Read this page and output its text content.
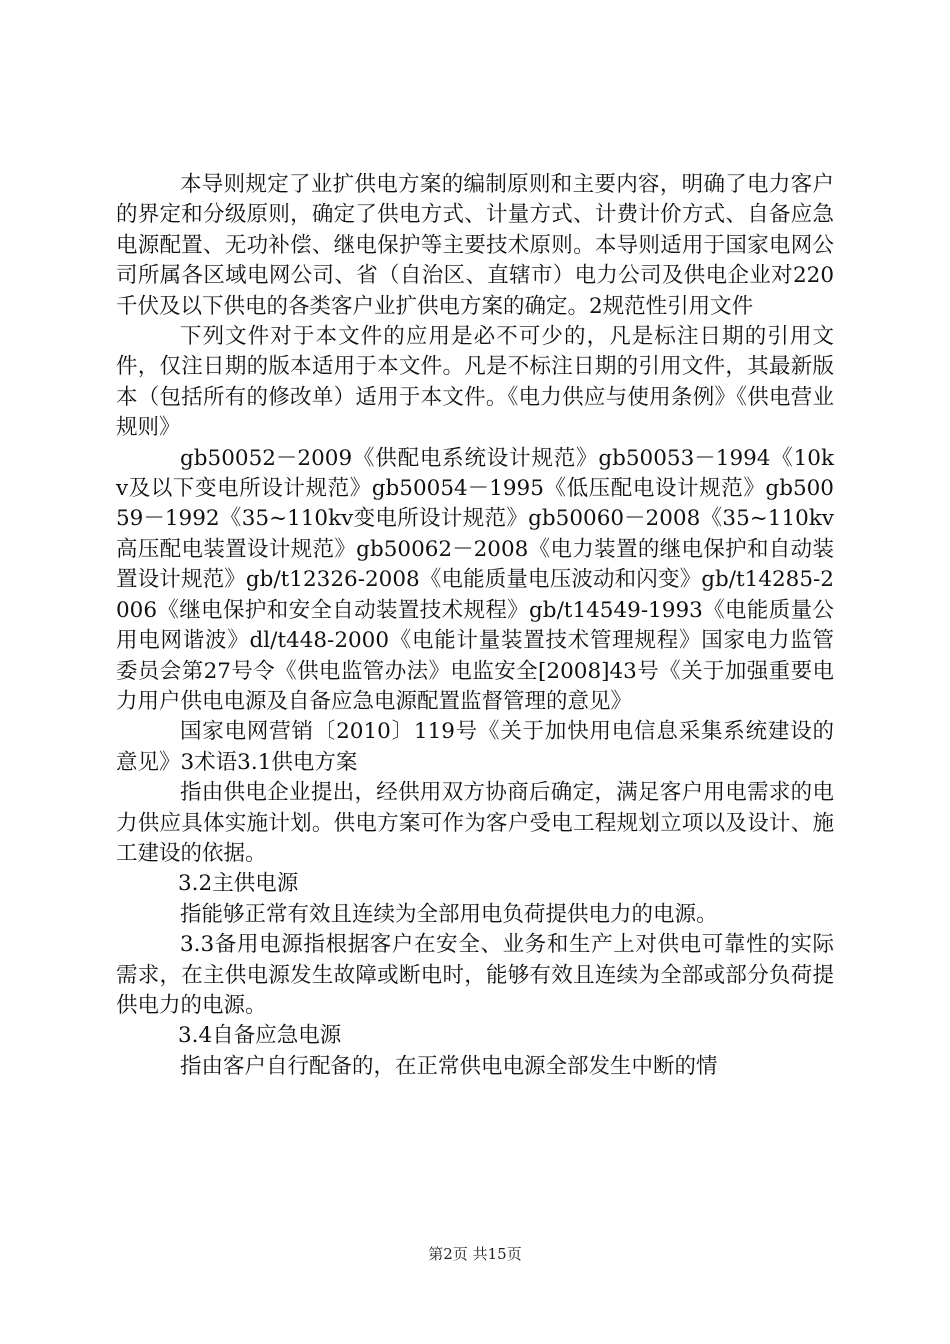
本导则规定了业扩供电方案的编制原则和主要内容，明确了电力客户的界定和分级原则，确定了供电方式、计量方式、计费计价方式、自备应急电源配置、无功补偿、继电保护等主要技术原则。本导则适用于国家电网公司所属各区域电网公司、省（自治区、直辖市）电力公司及供电企业对220千伏及以下供电的各类客户业扩供电方案的确定。2规范性引用文件

下列文件对于本文件的应用是必不可少的，凡是标注日期的引用文件，仅注日期的版本适用于本文件。凡是不标注日期的引用文件，其最新版本（包括所有的修改单）适用于本文件。《电力供应与使用条例》《供电营业规则》

gb50052－2009《供配电系统设计规范》gb50053－1994《10kv及以下变电所设计规范》gb50054－1995《低压配电设计规范》gb50059－1992《35~110kv变电所设计规范》gb50060－2008《35~110kv高压配电装置设计规范》gb50062－2008《电力装置的继电保护和自动装置设计规范》gb/t12326-2008《电能质量电压波动和闪变》gb/t14285-2006《继电保护和安全自动装置技术规程》gb/t14549-1993《电能质量公用电网谐波》dl/t448-2000《电能计量装置技术管理规程》国家电力监管委员会第27号令《供电监管办法》电监安全[2008]43号《关于加强重要电力用户供电电源及自备应急电源配置监督管理的意见》

国家电网营销〔2010〕119号《关于加快用电信息采集系统建设的意见》3术语3.1供电方案

指由供电企业提出，经供用双方协商后确定，满足客户用电需求的电力供应具体实施计划。供电方案可作为客户受电工程规划立项以及设计、施工建设的依据。

3.2主供电源

指能够正常有效且连续为全部用电负荷提供电力的电源。

3.3备用电源指根据客户在安全、业务和生产上对供电可靠性的实际需求，在主供电源发生故障或断电时，能够有效且连续为全部或部分负荷提供电力的电源。

3.4自备应急电源

指由客户自行配备的，在正常供电电源全部发生中断的情

第2页 共15页
